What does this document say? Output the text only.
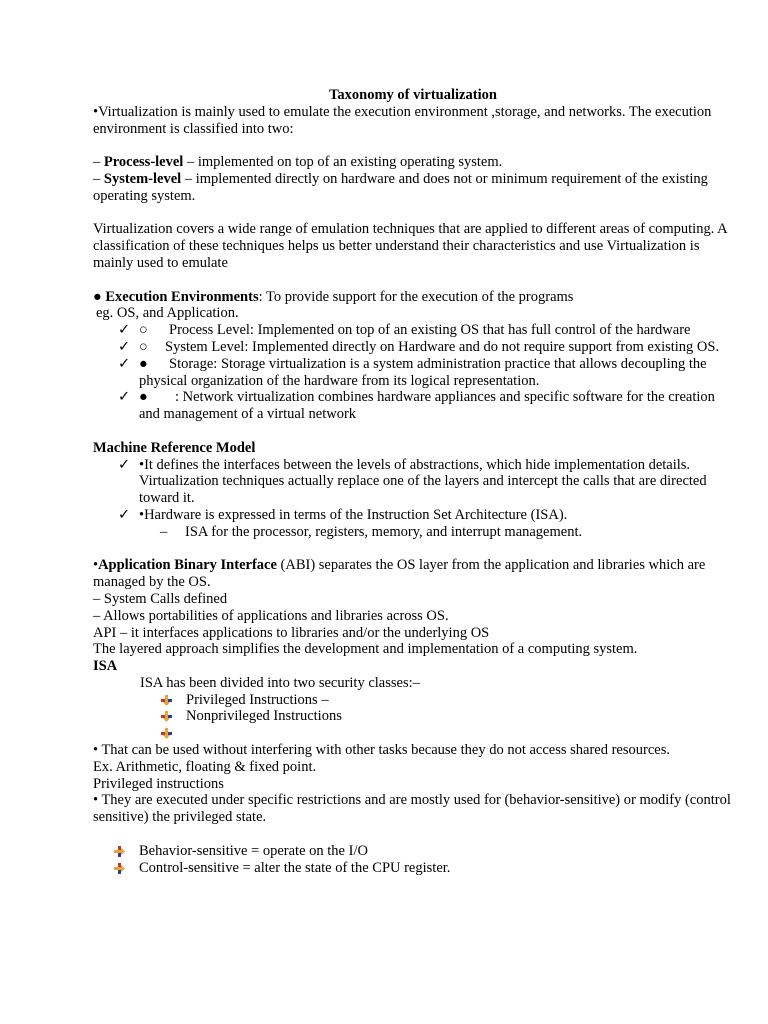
Taxonomy of virtualization

•Virtualization is mainly used to emulate the execution environment ,storage, and networks. The execution environment is classified into two:

– Process-level – implemented on top of an existing operating system.

– System-level – implemented directly on hardware and does not or minimum requirement of the existing operating system.

Virtualization covers a wide range of emulation techniques that are applied to different areas of computing. A classification of these techniques helps us better understand their characteristics and use Virtualization is mainly used to emulate

● Execution Environments: To provide support for the execution of the programs

eg. OS, and Application.

✓ ○ Process Level: Implemented on top of an existing OS that has full control of the hardware
✓ ○ System Level: Implemented directly on Hardware and do not require support from existing OS.
✓ ● Storage: Storage virtualization is a system administration practice that allows decoupling the physical organization of the hardware from its logical representation.
✓ ● : Network virtualization combines hardware appliances and specific software for the creation and management of a virtual network

Machine Reference Model

✓ •It defines the interfaces between the levels of abstractions, which hide implementation details. Virtualization techniques actually replace one of the layers and intercept the calls that are directed toward it.
✓ •Hardware is expressed in terms of the Instruction Set Architecture (ISA).
– ISA for the processor, registers, memory, and interrupt management.

•Application Binary Interface (ABI) separates the OS layer from the application and libraries which are managed by the OS.

– System Calls defined

– Allows portabilities of applications and libraries across OS.

API – it interfaces applications to libraries and/or the underlying OS

The layered approach simplifies the development and implementation of a computing system.

ISA

ISA has been divided into two security classes:–

Privileged Instructions –
Nonprivileged Instructions

• That can be used without interfering with other tasks because they do not access shared resources.

Ex. Arithmetic, floating & fixed point.

Privileged instructions

• They are executed under specific restrictions and are mostly used for (behavior-sensitive) or modify (control sensitive) the privileged state.

Behavior-sensitive = operate on the I/O
Control-sensitive = alter the state of the CPU register.
